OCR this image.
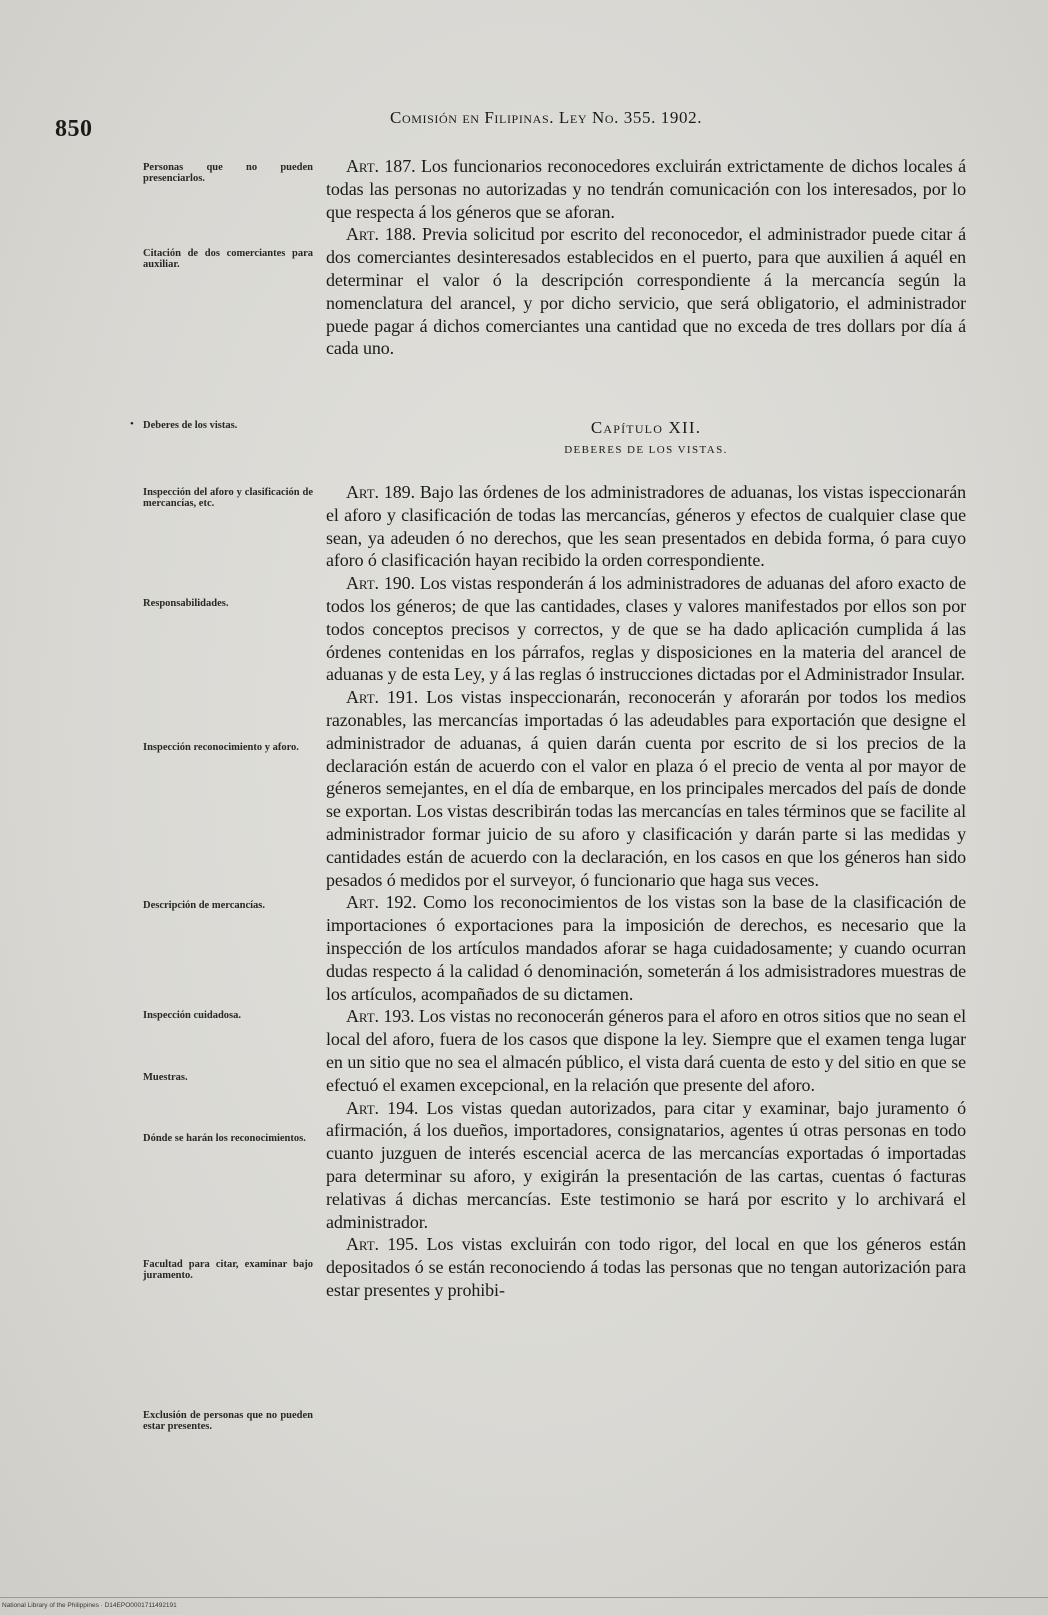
850	Comisión en Filipinas. Ley No. 355. 1902.
Personas que no pueden presenciarlos.
Citación de dos comerciantes para auxiliar.
• Deberes de los vistas.
Inspección del aforo y clasificación de mercancías, etc.
Responsabilidades.
Inspección reconocimiento y aforo.
Descripción de mercancías.
Inspección cuidadosa.
Muestras.
Dónde se harán los reconocimientos.
Facultad para citar, examinar bajo juramento.
Exclusión de personas que no pueden estar presentes.

Art. 187. Los funcionarios reconocedores excluirán extrictamente de dichos locales á todas las personas no autorizadas y no tendrán comunicación con los interesados, por lo que respecta á los géneros que se aforan.

Art. 188. Previa solicitud por escrito del reconocedor, el administrador puede citar á dos comerciantes desinteresados establecidos en el puerto, para que auxilien á aquél en determinar el valor ó la descripción correspondiente á la mercancía según la nomenclatura del arancel, y por dicho servicio, que será obligatorio, el administrador puede pagar á dichos comerciantes una cantidad que no exceda de tres dollars por día á cada uno.

Capítulo XII.
DEBERES DE LOS VISTAS.

Art. 189. Bajo las órdenes de los administradores de aduanas, los vistas ispeccionarán el aforo y clasificación de todas las mercancías, géneros y efectos de cualquier clase que sean, ya adeuden ó no derechos, que les sean presentados en debida forma, ó para cuyo aforo ó clasificación hayan recibido la orden correspondiente.

Art. 190. Los vistas responderán á los administradores de aduanas del aforo exacto de todos los géneros; de que las cantidades, clases y valores manifestados por ellos son por todos conceptos precisos y correctos, y de que se ha dado aplicación cumplida á las órdenes contenidas en los párrafos, reglas y disposiciones en la materia del arancel de aduanas y de esta Ley, y á las reglas ó instrucciones dictadas por el Administrador Insular.

Art. 191. Los vistas inspeccionarán, reconocerán y aforarán por todos los medios razonables, las mercancías importadas ó las adeudables para exportación que designe el administrador de aduanas, á quien darán cuenta por escrito de si los precios de la declaración están de acuerdo con el valor en plaza ó el precio de venta al por mayor de géneros semejantes, en el día de embarque, en los principales mercados del país de donde se exportan. Los vistas describirán todas las mercancías en tales términos que se facilite al administrador formar juicio de su aforo y clasificación y darán parte si las medidas y cantidades están de acuerdo con la declaración, en los casos en que los géneros han sido pesados ó medidos por el surveyor, ó funcionario que haga sus veces.

Art. 192. Como los reconocimientos de los vistas son la base de la clasificación de importaciones ó exportaciones para la imposición de derechos, es necesario que la inspección de los artículos mandados aforar se haga cuidadosamente; y cuando ocurran dudas respecto á la calidad ó denominación, someterán á los admisistradores muestras de los artículos, acompañados de su dictamen.

Art. 193. Los vistas no reconocerán géneros para el aforo en otros sitios que no sean el local del aforo, fuera de los casos que dispone la ley. Siempre que el examen tenga lugar en un sitio que no sea el almacén público, el vista dará cuenta de esto y del sitio en que se efectuó el examen excepcional, en la relación que presente del aforo.

Art. 194. Los vistas quedan autorizados, para citar y examinar, bajo juramento ó afirmación, á los dueños, importadores, consignatarios, agentes ú otras personas en todo cuanto juzguen de interés escencial acerca de las mercancías exportadas ó importadas para determinar su aforo, y exigirán la presentación de las cartas, cuentas ó facturas relativas á dichas mercancías. Este testimonio se hará por escrito y lo archivará el administrador.

Art. 195. Los vistas excluirán con todo rigor, del local en que los géneros están depositados ó se están reconociendo á todas las personas que no tengan autorización para estar presentes y prohibi-

National Library of the Philippines · D14EPO0001711492191
